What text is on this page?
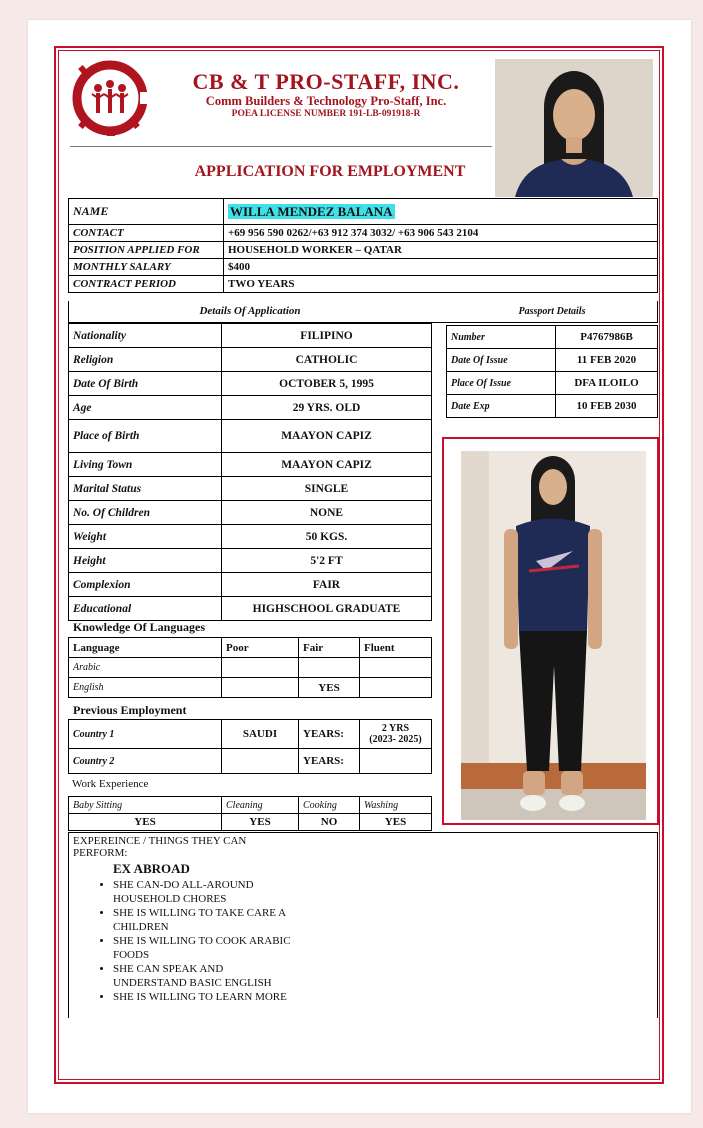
CB & T PRO-STAFF, INC.
Comm Builders & Technology Pro-Staff, Inc.
POEA LICENSE NUMBER 191-LB-091918-R
APPLICATION FOR EMPLOYMENT
NAME	WILLA MENDEZ BALANA
CONTACT	+69 956 590 0262/+63 912 374 3032/ +63 906 543 2104
POSITION APPLIED FOR	HOUSEHOLD WORKER – QATAR
MONTHLY SALARY	$400
CONTRACT PERIOD	TWO YEARS
Details Of Application	Passport Details
Nationality	FILIPINO
Religion	CATHOLIC
Date Of Birth	OCTOBER 5, 1995
Age	29 YRS. OLD
Place of Birth	MAAYON CAPIZ
Living Town	MAAYON CAPIZ
Marital Status	SINGLE
No. Of Children	NONE
Weight	50 KGS.
Height	5'2 FT
Complexion	FAIR
Educational	HIGHSCHOOL GRADUATE
Number	P4767986B
Date Of Issue	11 FEB 2020
Place Of Issue	DFA ILOILO
Date Exp	10 FEB 2030
Knowledge Of Languages
Language	Poor	Fair	Fluent
Arabic			
English		YES	
Previous Employment
Country 1	SAUDI	YEARS:	2 YRS
(2023- 2025)
Country 2		YEARS:	
Work Experience
Baby Sitting	Cleaning	Cooking	Washing
YES	YES	NO	YES
EXPEREINCE / THINGS THEY CAN PERFORM:
EX ABROAD
• SHE CAN-DO ALL-AROUND HOUSEHOLD CHORES
• SHE IS WILLING TO TAKE CARE A CHILDREN
• SHE IS WILLING TO COOK ARABIC FOODS
• SHE CAN SPEAK AND UNDERSTAND BASIC ENGLISH
• SHE IS WILLING TO LEARN MORE
